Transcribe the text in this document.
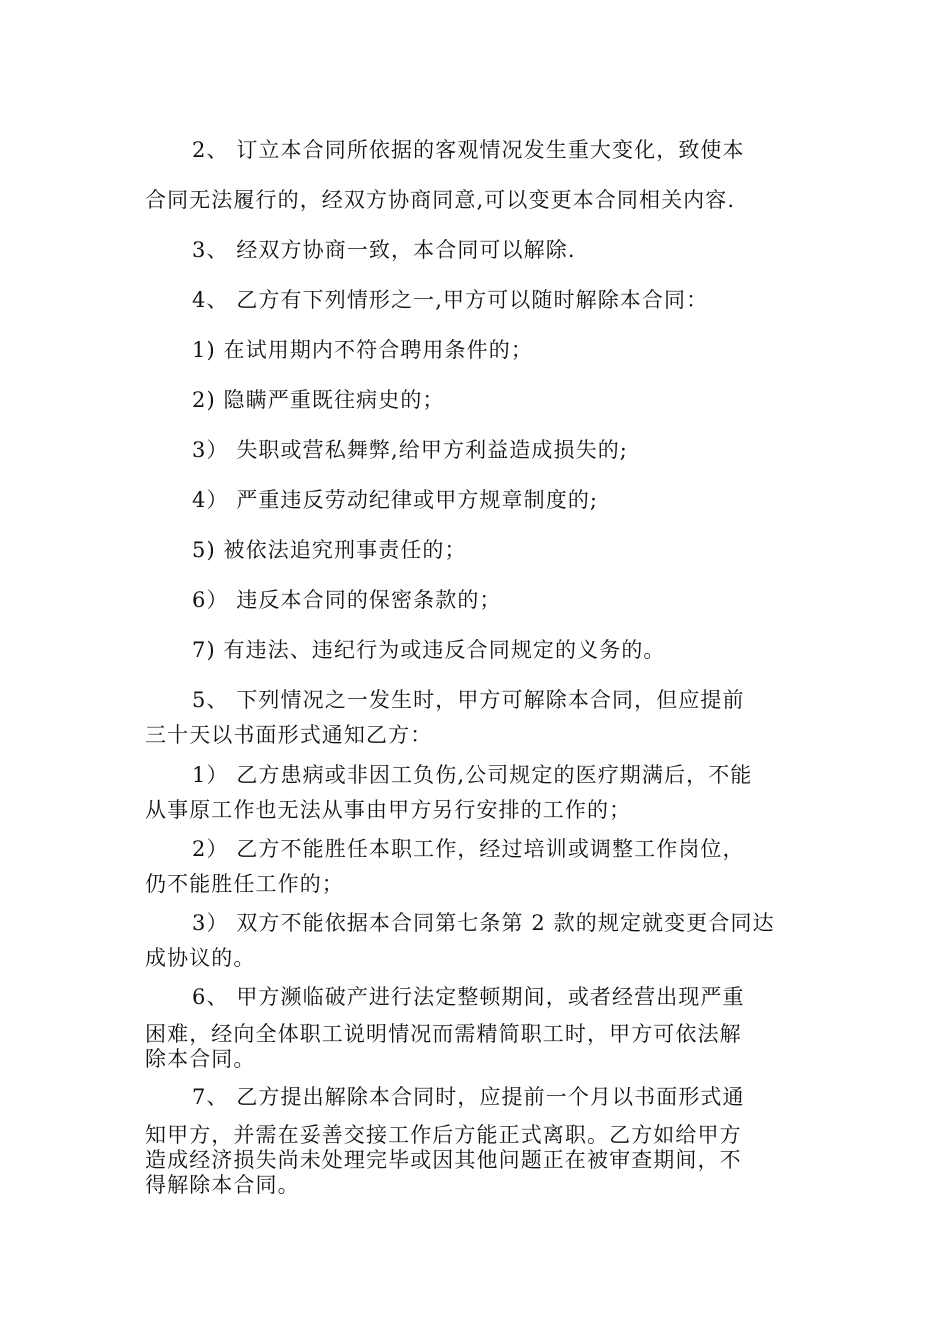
2、 订立本合同所依据的客观情况发生重大变化，致使本
合同无法履行的，经双方协商同意,可以变更本合同相关内容.
3、 经双方协商一致，本合同可以解除.
4、 乙方有下列情形之一,甲方可以随时解除本合同：
1) 在试用期内不符合聘用条件的；
2) 隐瞒严重既往病史的；
3） 失职或营私舞弊,给甲方利益造成损失的;
4） 严重违反劳动纪律或甲方规章制度的;
5) 被依法追究刑事责任的；
6） 违反本合同的保密条款的；
7) 有违法、违纪行为或违反合同规定的义务的。
5、 下列情况之一发生时，甲方可解除本合同，但应提前
三十天以书面形式通知乙方：
1） 乙方患病或非因工负伤,公司规定的医疗期满后，不能
从事原工作也无法从事由甲方另行安排的工作的；
2） 乙方不能胜任本职工作，经过培训或调整工作岗位，
仍不能胜任工作的；
3） 双方不能依据本合同第七条第 2 款的规定就变更合同达
成协议的。
6、 甲方濒临破产进行法定整顿期间，或者经营出现严重
困难，经向全体职工说明情况而需精简职工时，甲方可依法解
除本合同。
7、 乙方提出解除本合同时，应提前一个月以书面形式通
知甲方，并需在妥善交接工作后方能正式离职。乙方如给甲方
造成经济损失尚未处理完毕或因其他问题正在被审查期间，不
得解除本合同。
